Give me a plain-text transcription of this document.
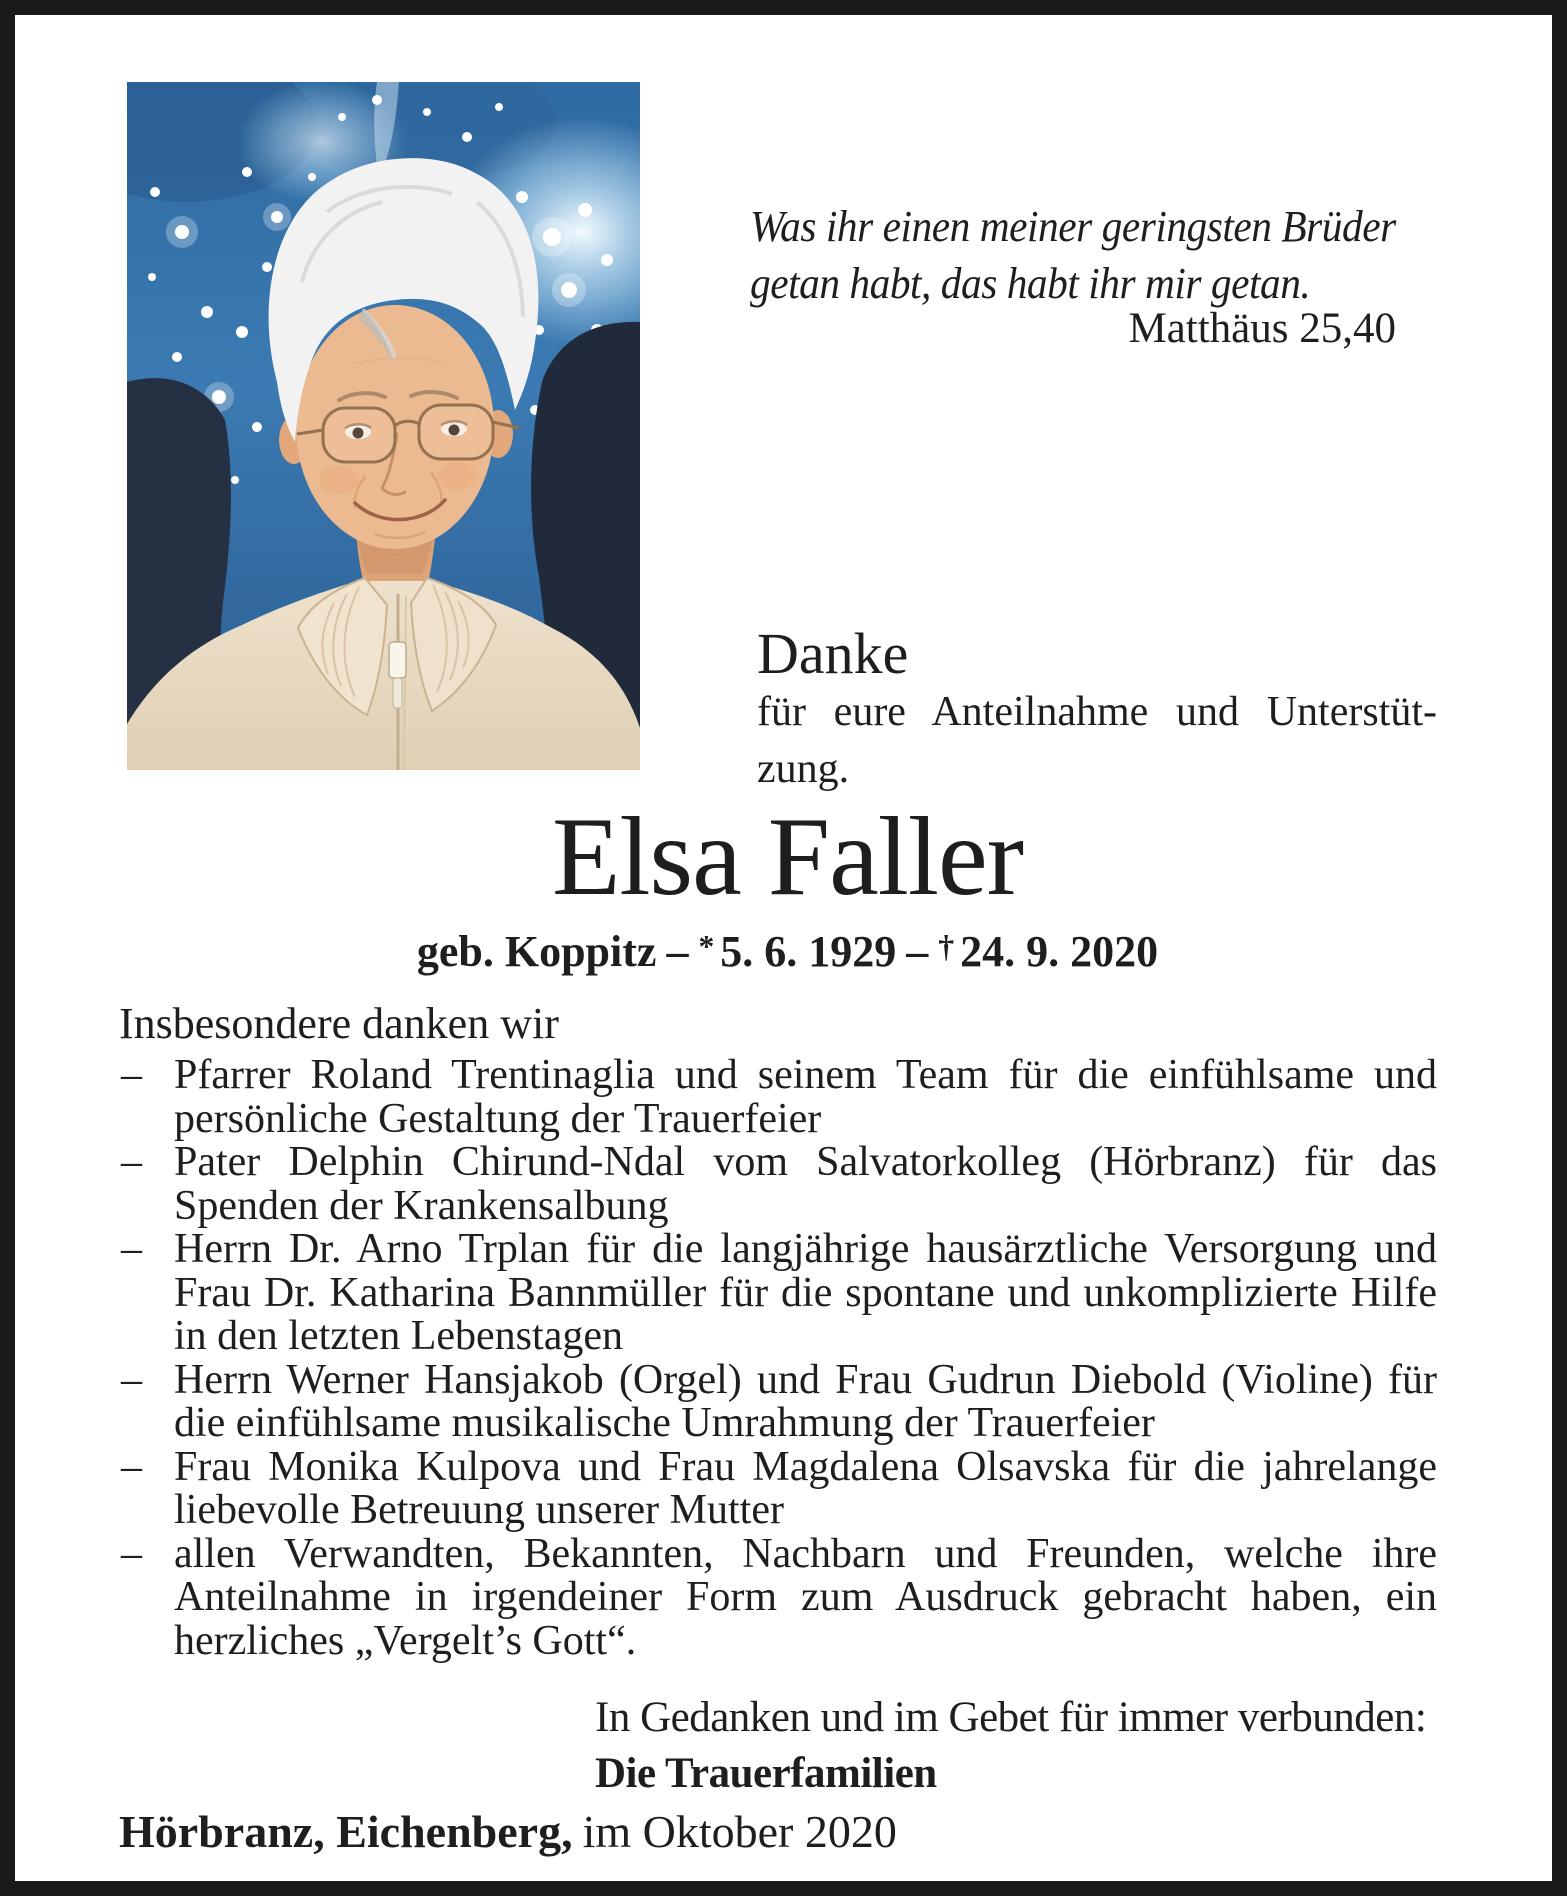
Was ihr einen meiner geringsten Brüder
getan habt, das habt ihr mir getan.
Matthäus 25,40
Danke
für eure Anteilnahme und Unterstüt-
zung.
Elsa Faller
geb. Koppitz – * 5. 6. 1929 – † 24. 9. 2020
Insbesondere danken wir
– Pfarrer Roland Trentinaglia und seinem Team für die einfühlsame und persönliche Gestaltung der Trauerfeier
– Pater Delphin Chirund-Ndal vom Salvatorkolleg (Hörbranz) für das Spenden der Krankensalbung
– Herrn Dr. Arno Trplan für die langjährige hausärztliche Versorgung und Frau Dr. Katharina Bannmüller für die spontane und unkomplizierte Hilfe in den letzten Lebenstagen
– Herrn Werner Hansjakob (Orgel) und Frau Gudrun Diebold (Violine) für die einfühlsame musikalische Umrahmung der Trauerfeier
– Frau Monika Kulpova und Frau Magdalena Olsavska für die jahrelange liebevolle Betreuung unserer Mutter
– allen Verwandten, Bekannten, Nachbarn und Freunden, welche ihre Anteilnahme in irgendeiner Form zum Ausdruck gebracht haben, ein herzliches „Vergelt’s Gott“.
In Gedanken und im Gebet für immer verbunden:
Die Trauerfamilien
Hörbranz, Eichenberg, im Oktober 2020
